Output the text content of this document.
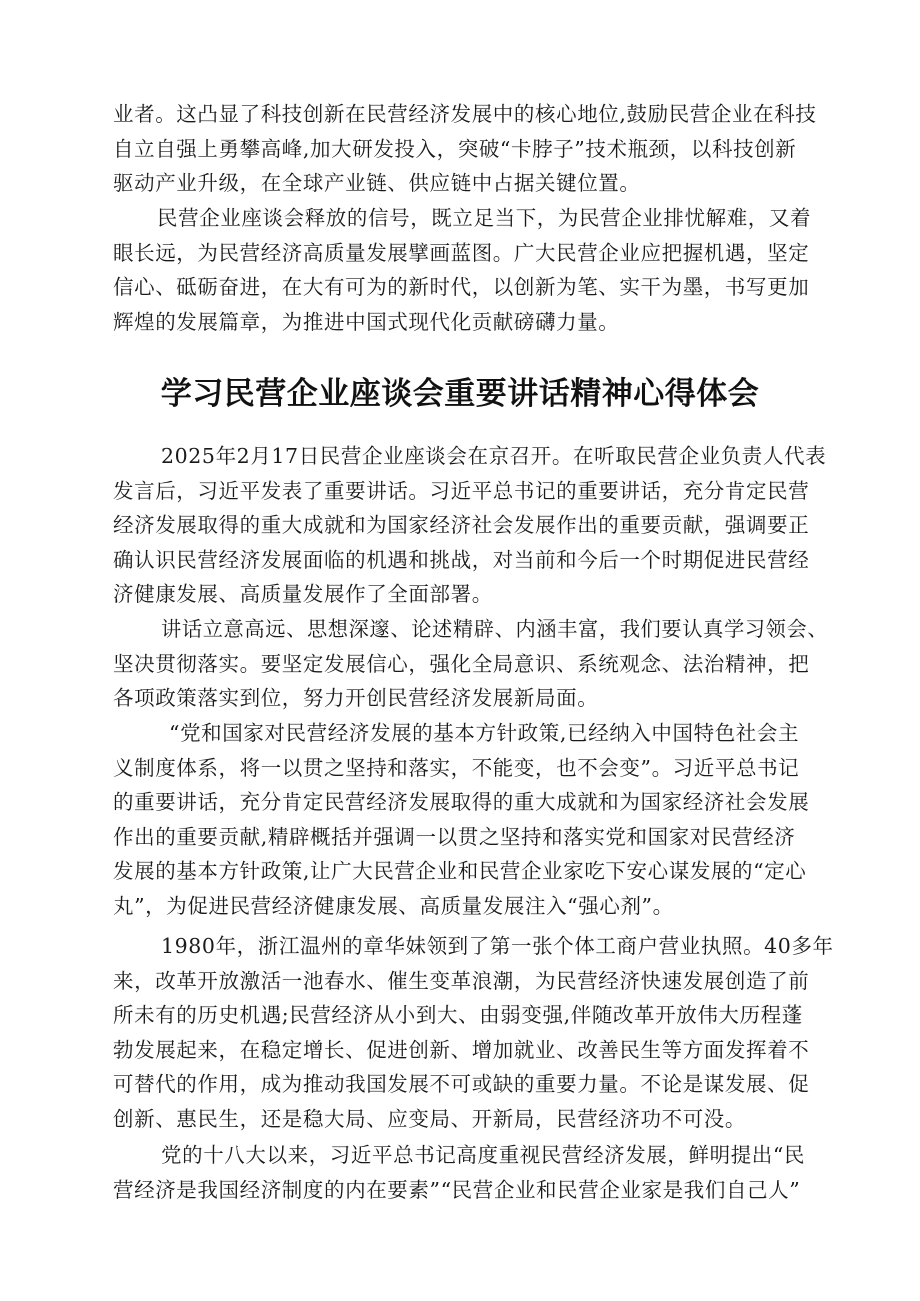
业者。这凸显了科技创新在民营经济发展中的核心地位,鼓励民营企业在科技
自立自强上勇攀高峰,加大研发投入，突破“卡脖子”技术瓶颈，以科技创新
驱动产业升级，在全球产业链、供应链中占据关键位置。
民营企业座谈会释放的信号，既立足当下，为民营企业排忧解难，又着
眼长远，为民营经济高质量发展擘画蓝图。广大民营企业应把握机遇，坚定
信心、砥砺奋进，在大有可为的新时代，以创新为笔、实干为墨，书写更加
辉煌的发展篇章，为推进中国式现代化贡献磅礴力量。
学习民营企业座谈会重要讲话精神心得体会
2025年2月17日民营企业座谈会在京召开。在听取民营企业负责人代表
发言后，习近平发表了重要讲话。习近平总书记的重要讲话，充分肯定民营
经济发展取得的重大成就和为国家经济社会发展作出的重要贡献，强调要正
确认识民营经济发展面临的机遇和挑战，对当前和今后一个时期促进民营经
济健康发展、高质量发展作了全面部署。
讲话立意高远、思想深邃、论述精辟、内涵丰富，我们要认真学习领会、
坚决贯彻落实。要坚定发展信心，强化全局意识、系统观念、法治精神，把
各项政策落实到位，努力开创民营经济发展新局面。
“党和国家对民营经济发展的基本方针政策,已经纳入中国特色社会主
义制度体系，将一以贯之坚持和落实，不能变，也不会变”。习近平总书记
的重要讲话，充分肯定民营经济发展取得的重大成就和为国家经济社会发展
作出的重要贡献,精辟概括并强调一以贯之坚持和落实党和国家对民营经济
发展的基本方针政策,让广大民营企业和民营企业家吃下安心谋发展的“定心
丸”，为促进民营经济健康发展、高质量发展注入“强心剂”。
1980年，浙江温州的章华妹领到了第一张个体工商户营业执照。40多年
来，改革开放激活一池春水、催生变革浪潮，为民营经济快速发展创造了前
所未有的历史机遇;民营经济从小到大、由弱变强,伴随改革开放伟大历程蓬
勃发展起来，在稳定增长、促进创新、增加就业、改善民生等方面发挥着不
可替代的作用，成为推动我国发展不可或缺的重要力量。不论是谋发展、促
创新、惠民生，还是稳大局、应变局、开新局，民营经济功不可没。
党的十八大以来，习近平总书记高度重视民营经济发展，鲜明提出“民
营经济是我国经济制度的内在要素”“民营企业和民营企业家是我们自己人”
